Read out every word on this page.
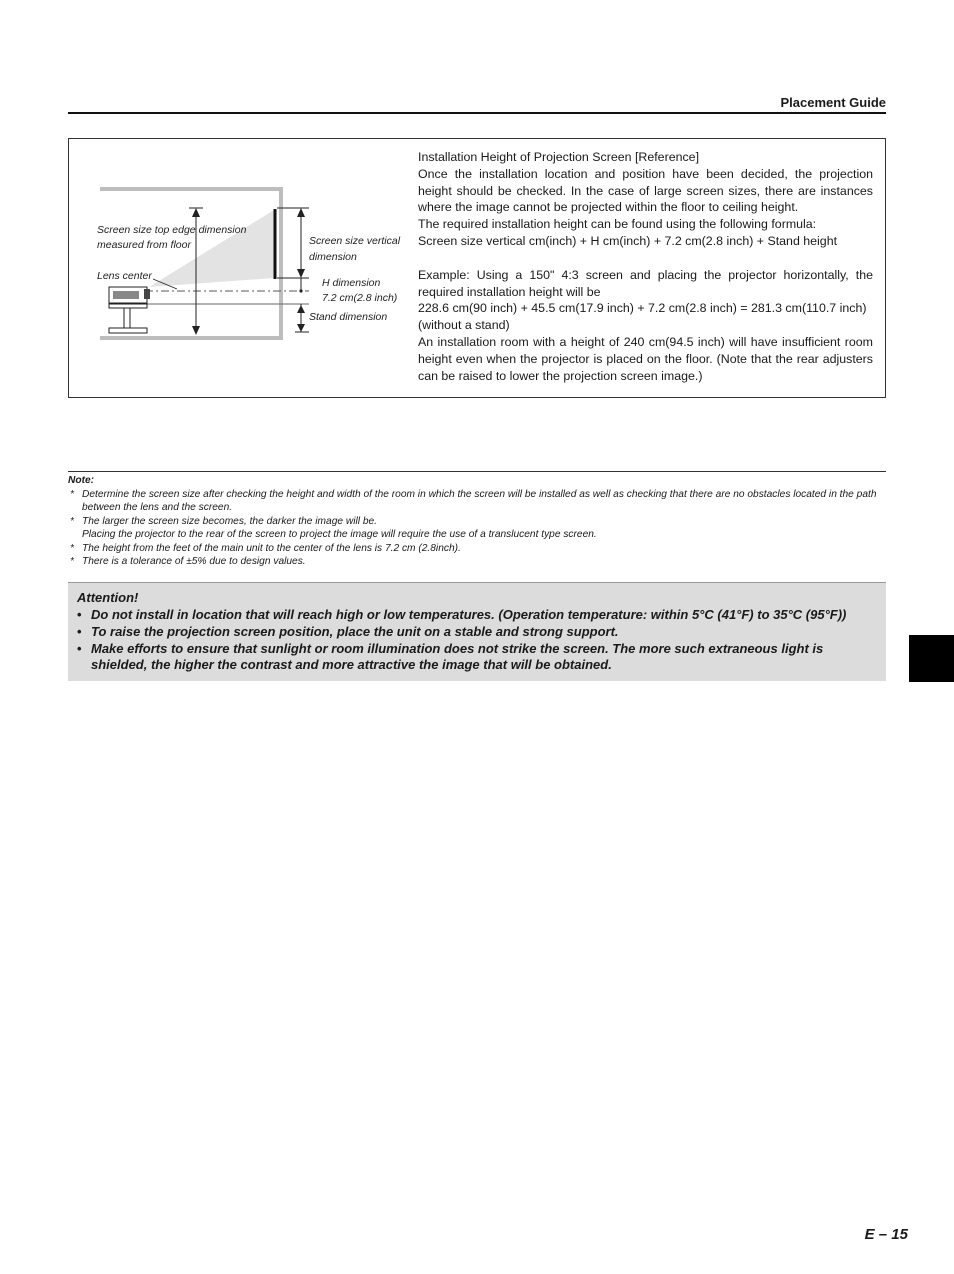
Placement Guide
Screen size top edge dimension
measured from floor
Lens center
Screen size vertical
dimension
H dimension
7.2 cm(2.8 inch)
Stand dimension

Installation Height of Projection Screen [Reference]

Once the installation location and position have been decided, the projection height should be checked. In the case of large screen sizes, there are instances where the image cannot be projected within the floor to ceiling height.

The required installation height can be found using the following formula:

Screen size vertical cm(inch) + H cm(inch) + 7.2 cm(2.8 inch) + Stand height

Example: Using a 150" 4:3 screen and placing the projector horizontally, the required installation height will be

228.6 cm(90 inch) + 45.5 cm(17.9 inch) + 7.2 cm(2.8 inch) = 281.3 cm(110.7 inch)

(without a stand)

An installation room with a height of 240 cm(94.5 inch) will have insufficient room height even when the projector is placed on the floor. (Note that the rear adjusters can be raised to lower the projection screen image.)

Note:
* Determine the screen size after checking the height and width of the room in which the screen will be installed as well as checking that there are no obstacles located in the path between the lens and the screen.
* The larger the screen size becomes, the darker the image will be.
Placing the projector to the rear of the screen to project the image will require the use of a translucent type screen.
* The height from the feet of the main unit to the center of the lens is 7.2 cm (2.8inch).
* There is a tolerance of ±5% due to design values.
Attention!
• Do not install in location that will reach high or low temperatures. (Operation temperature: within 5°C (41°F) to 35°C (95°F))
• To raise the projection screen position, place the unit on a stable and strong support.
• Make efforts to ensure that sunlight or room illumination does not strike the screen. The more such extraneous light is shielded, the higher the contrast and more attractive the image that will be obtained.
E – 15
